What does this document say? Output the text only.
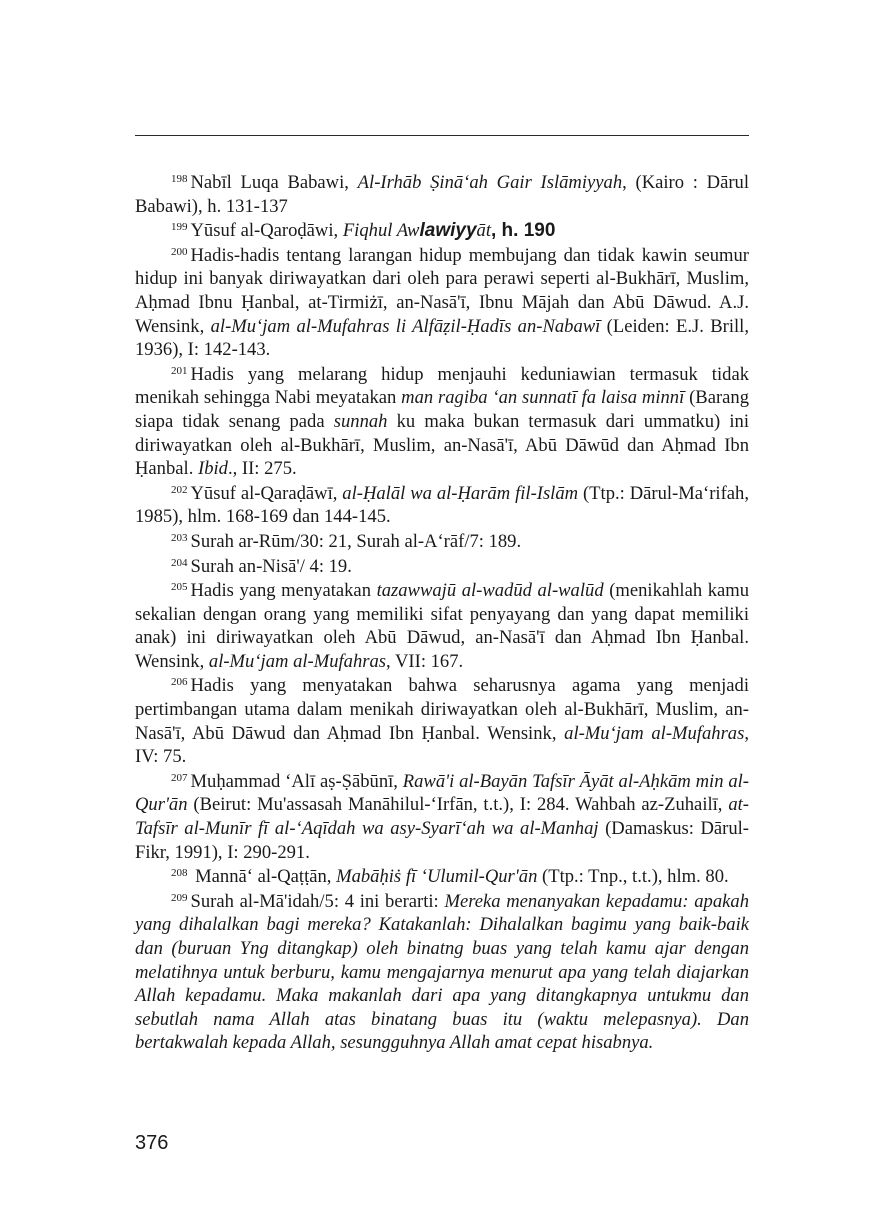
$^{198}$ Nabīl Luqa Babawi, Al-Irhāb Ṣinā‘ah Gair Islāmiyyah, (Kairo : Dārul Babawi), h. 131-137

$^{199}$ Yūsuf al-Qaroḍāwi, Fiqhul Awlawiyyāt, h. 190

$^{200}$ Hadis-hadis tentang larangan hidup membujang dan tidak kawin seumur hidup ini banyak diriwayatkan dari oleh para perawi seperti al-Bukhārī, Muslim, Aḥmad Ibnu Ḥanbal, at-Tirmiżī, an-Nasā'ī, Ibnu Mājah dan Abū Dāwud. A.J. Wensink, al-Mu‘jam al-Mufahras li Alfāẓil-Ḥadīs an-Nabawī (Leiden: E.J. Brill, 1936), I: 142-143.

$^{201}$ Hadis yang melarang hidup menjauhi keduniawian termasuk tidak menikah sehingga Nabi meyatakan man ragiba ‘an sunnatī fa laisa minnī (Barang siapa tidak senang pada sunnah ku maka bukan termasuk dari ummatku) ini diriwayatkan oleh al-Bukhārī, Muslim, an-Nasā'ī, Abū Dāwūd dan Aḥmad Ibn Ḥanbal. Ibid., II: 275.

$^{202}$ Yūsuf al-Qaraḍāwī, al-Ḥalāl wa al-Ḥarām fil-Islām (Ttp.: Dārul-Ma‘rifah, 1985), hlm. 168-169 dan 144-145.

$^{203}$ Surah ar-Rūm/30: 21, Surah al-A‘rāf/7: 189.

$^{204}$ Surah an-Nisā'/ 4: 19.

$^{205}$ Hadis yang menyatakan tazawwajū al-wadūd al-walūd (menikahlah kamu sekalian dengan orang yang memiliki sifat penyayang dan yang dapat memiliki anak) ini diriwayatkan oleh Abū Dāwud, an-Nasā'ī dan Aḥmad Ibn Ḥanbal. Wensink, al-Mu‘jam al-Mufahras, VII: 167.

$^{206}$ Hadis yang menyatakan bahwa seharusnya agama yang menjadi pertimbangan utama dalam menikah diriwayatkan oleh al-Bukhārī, Muslim, an-Nasā'ī, Abū Dāwud dan Aḥmad Ibn Ḥanbal. Wensink, al-Mu‘jam al-Mufahras, IV: 75.

$^{207}$ Muḥammad ‘Alī aṣ-Ṣābūnī, Rawā'i al-Bayān Tafsīr Āyāt al-Aḥkām min al-Qur'ān (Beirut: Mu'assasah Manāhilul-‘Irfān, t.t.), I: 284. Wahbah az-Zuhailī, at-Tafsīr al-Munīr fī al-‘Aqīdah wa asy-Syarī‘ah wa al-Manhaj (Damaskus: Dārul-Fikr, 1991), I: 290-291.

$^{208}$ Mannā‘ al-Qaṭṭān, Mabāḥiṡ fī ‘Ulumil-Qur'ān (Ttp.: Tnp., t.t.), hlm. 80.

$^{209}$ Surah al-Mā'idah/5: 4 ini berarti: Mereka menanyakan kepadamu: apakah yang dihalalkan bagi mereka? Katakanlah: Dihalalkan bagimu yang baik-baik dan (buruan Yng ditangkap) oleh binatng buas yang telah kamu ajar dengan melatihnya untuk berburu, kamu mengajarnya menurut apa yang telah diajarkan Allah kepadamu. Maka makanlah dari apa yang ditangkapnya untukmu dan sebutlah nama Allah atas binatang buas itu (waktu melepasnya). Dan bertakwalah kepada Allah, sesungguhnya Allah amat cepat hisabnya.

376
